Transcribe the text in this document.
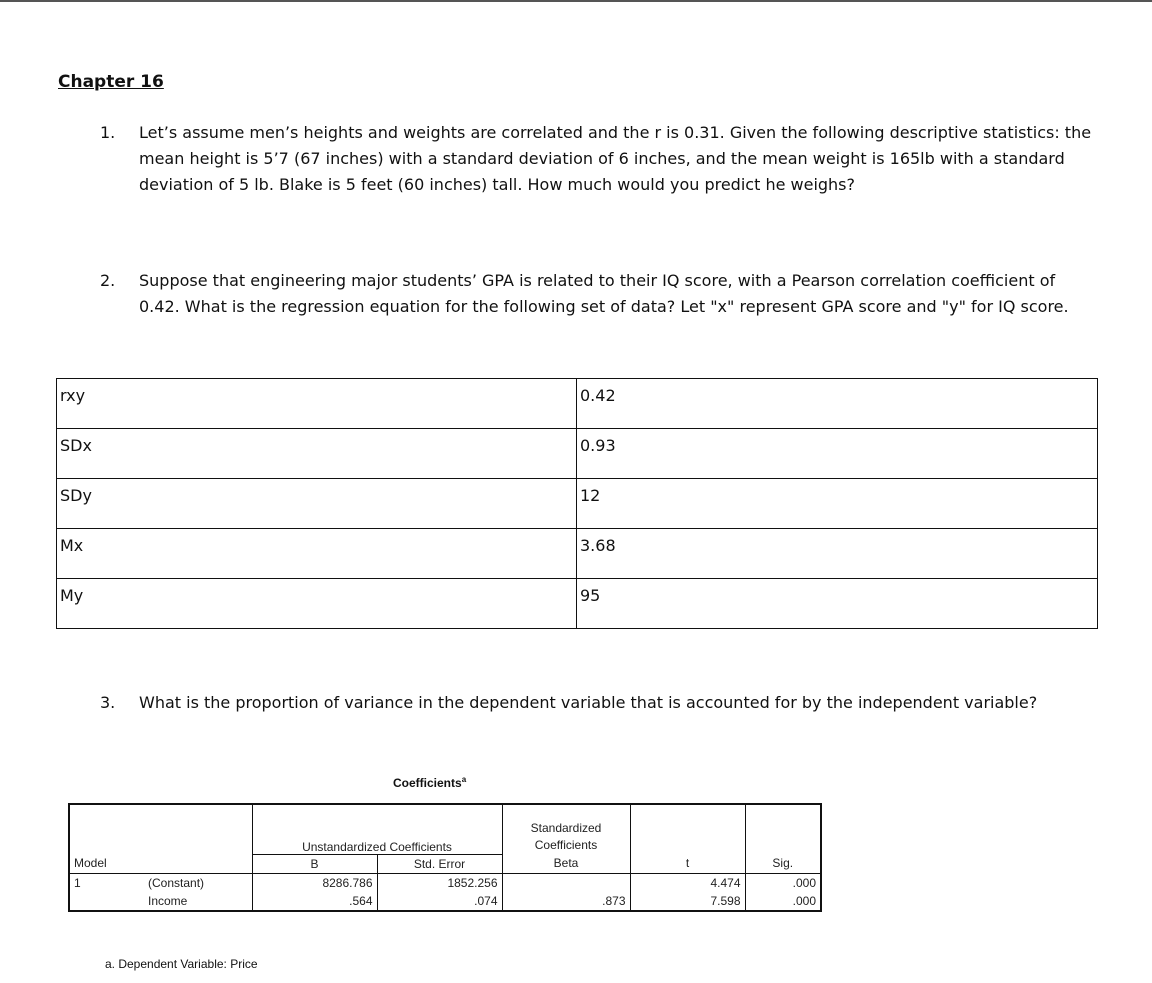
Chapter 16
1. Let’s assume men’s heights and weights are correlated and the r is 0.31. Given the following descriptive statistics: the mean height is 5’7 (67 inches) with a standard deviation of 6 inches, and the mean weight is 165lb with a standard deviation of 5 lb. Blake is 5 feet (60 inches) tall. How much would you predict he weighs?
2. Suppose that engineering major students’ GPA is related to their IQ score, with a Pearson correlation coefficient of 0.42. What is the regression equation for the following set of data? Let "x" represent GPA score and "y" for IQ score.
rxy	0.42
SDx	0.93
SDy	12
Mx	3.68
My	95
3. What is the proportion of variance in the dependent variable that is accounted for by the independent variable?
Coefficients$^a$
		Unstandardized Coefficients		Standardized Coefficients		
Model		B	Std. Error	Beta	t	Sig.
1	(Constant)	8286.786	1852.256		4.474	.000
	Income	.564	.074	.873	7.598	.000
a. Dependent Variable: Price
